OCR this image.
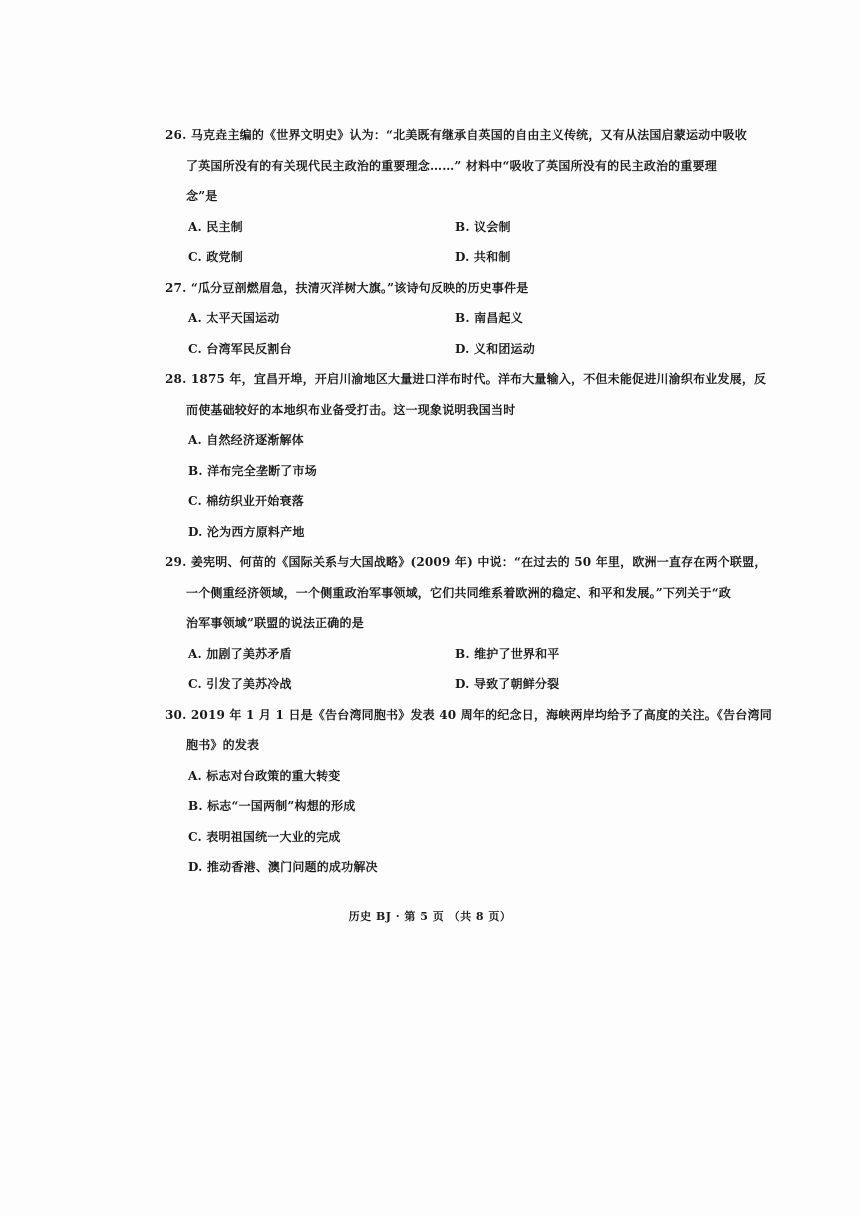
26. 马克垚主编的《世界文明史》认为：“北美既有继承自英国的自由主义传统，又有从法国启蒙运动中吸收
了英国所没有的有关现代民主政治的重要理念……” 材料中“吸收了英国所没有的民主政治的重要理
念”是
A. 民主制	B. 议会制
C. 政党制	D. 共和制
27. “瓜分豆剖燃眉急，扶清灭洋树大旗。”该诗句反映的历史事件是
A. 太平天国运动	B. 南昌起义
C. 台湾军民反割台	D. 义和团运动
28. 1875 年，宜昌开埠，开启川渝地区大量进口洋布时代。洋布大量输入，不但未能促进川渝织布业发展，反
而使基础较好的本地织布业备受打击。这一现象说明我国当时
A. 自然经济逐渐解体
B. 洋布完全垄断了市场
C. 棉纺织业开始衰落
D. 沦为西方原料产地
29. 姜宪明、何苗的《国际关系与大国战略》(2009 年) 中说：“在过去的 50 年里，欧洲一直存在两个联盟，
一个侧重经济领域，一个侧重政治军事领域，它们共同维系着欧洲的稳定、和平和发展。”下列关于“政
治军事领域”联盟的说法正确的是
A. 加剧了美苏矛盾	B. 维护了世界和平
C. 引发了美苏冷战	D. 导致了朝鲜分裂
30. 2019 年 1 月 1 日是《告台湾同胞书》发表 40 周年的纪念日，海峡两岸均给予了高度的关注。《告台湾同
胞书》的发表
A. 标志对台政策的重大转变
B. 标志“一国两制”构想的形成
C. 表明祖国统一大业的完成
D. 推动香港、澳门问题的成功解决
历史 BJ · 第 5 页 （共 8 页）
